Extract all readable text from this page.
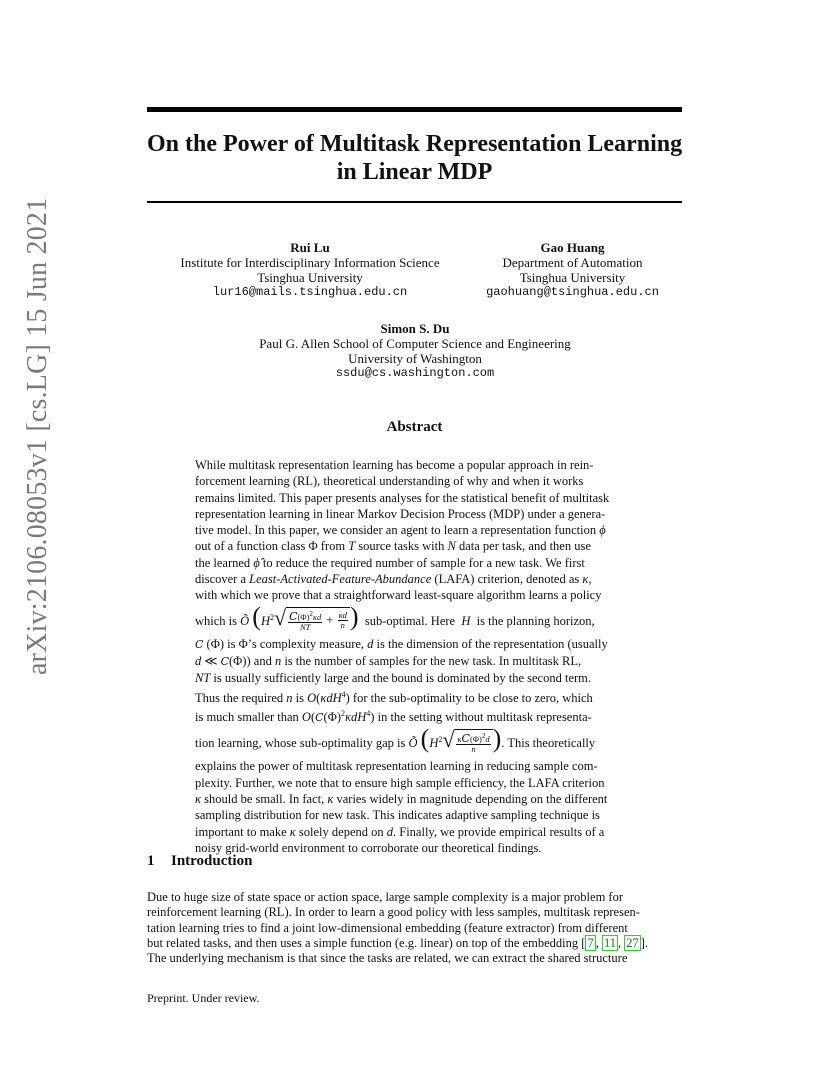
On the Power of Multitask Representation Learning
in Linear MDP
Rui Lu
Institute for Interdisciplinary Information Science
Tsinghua University
lur16@mails.tsinghua.edu.cn
Gao Huang
Department of Automation
Tsinghua University
gaohuang@tsinghua.edu.cn
Simon S. Du
Paul G. Allen School of Computer Science and Engineering
University of Washington
ssdu@cs.washington.com
arXiv:2106.08053v1 [cs.LG] 15 Jun 2021	Abstract
While multitask representation learning has become a popular approach in rein-
forcement learning (RL), theoretical understanding of why and when it works
remains limited. This paper presents analyses for the statistical benefit of multitask
representation learning in linear Markov Decision Process (MDP) under a genera-
tive model. In this paper, we consider an agent to learn a representation function ϕ
out of a function class Φ from T source tasks with N data per task, and then use
the learned ϕ̂ to reduce the required number of sample for a new task. We first
discover a Least-Activated-Feature-Abundance (LAFA) criterion, denoted as κ,
with which we prove that a straightforward least-square algorithm learns a policy
which is Õ ($H^2$ √ $\frac{C(\Phi)^2\kappa d}{NT} + \frac{\kappa d}{n}$ )  sub-optimal. Here  H  is the planning horizon,
C (Φ) is Φ’s complexity measure, d is the dimension of the representation (usually
d ≪ C(Φ)) and n is the number of samples for the new task. In multitask RL,
NT is usually sufficiently large and the bound is dominated by the second term.
Thus the required n is O(κdH$^4$) for the sub-optimality to be close to zero, which
is much smaller than $O(C(\Phi)^2\kappa dH^4)$ in the setting without multitask representa-
tion learning, whose sub-optimality gap is Õ ($H^2$ √ $\frac{\kappa C(\Phi)^2d}{n}$ ). This theoretically
explains the power of multitask representation learning in reducing sample com-
plexity. Further, we note that to ensure high sample efficiency, the LAFA criterion
κ should be small. In fact, κ varies widely in magnitude depending on the different
sampling distribution for new task. This indicates adaptive sampling technique is
important to make κ solely depend on d. Finally, we provide empirical results of a
noisy grid-world environment to corroborate our theoretical findings.
1 Introduction
Due to huge size of state space or action space, large sample complexity is a major problem for
reinforcement learning (RL). In order to learn a good policy with less samples, multitask represen-
tation learning tries to find a joint low-dimensional embedding (feature extractor) from different
but related tasks, and then uses a simple function (e.g. linear) on top of the embedding [ 7 , 11 , 27 ].
The underlying mechanism is that since the tasks are related, we can extract the shared structure
Preprint. Under review.
